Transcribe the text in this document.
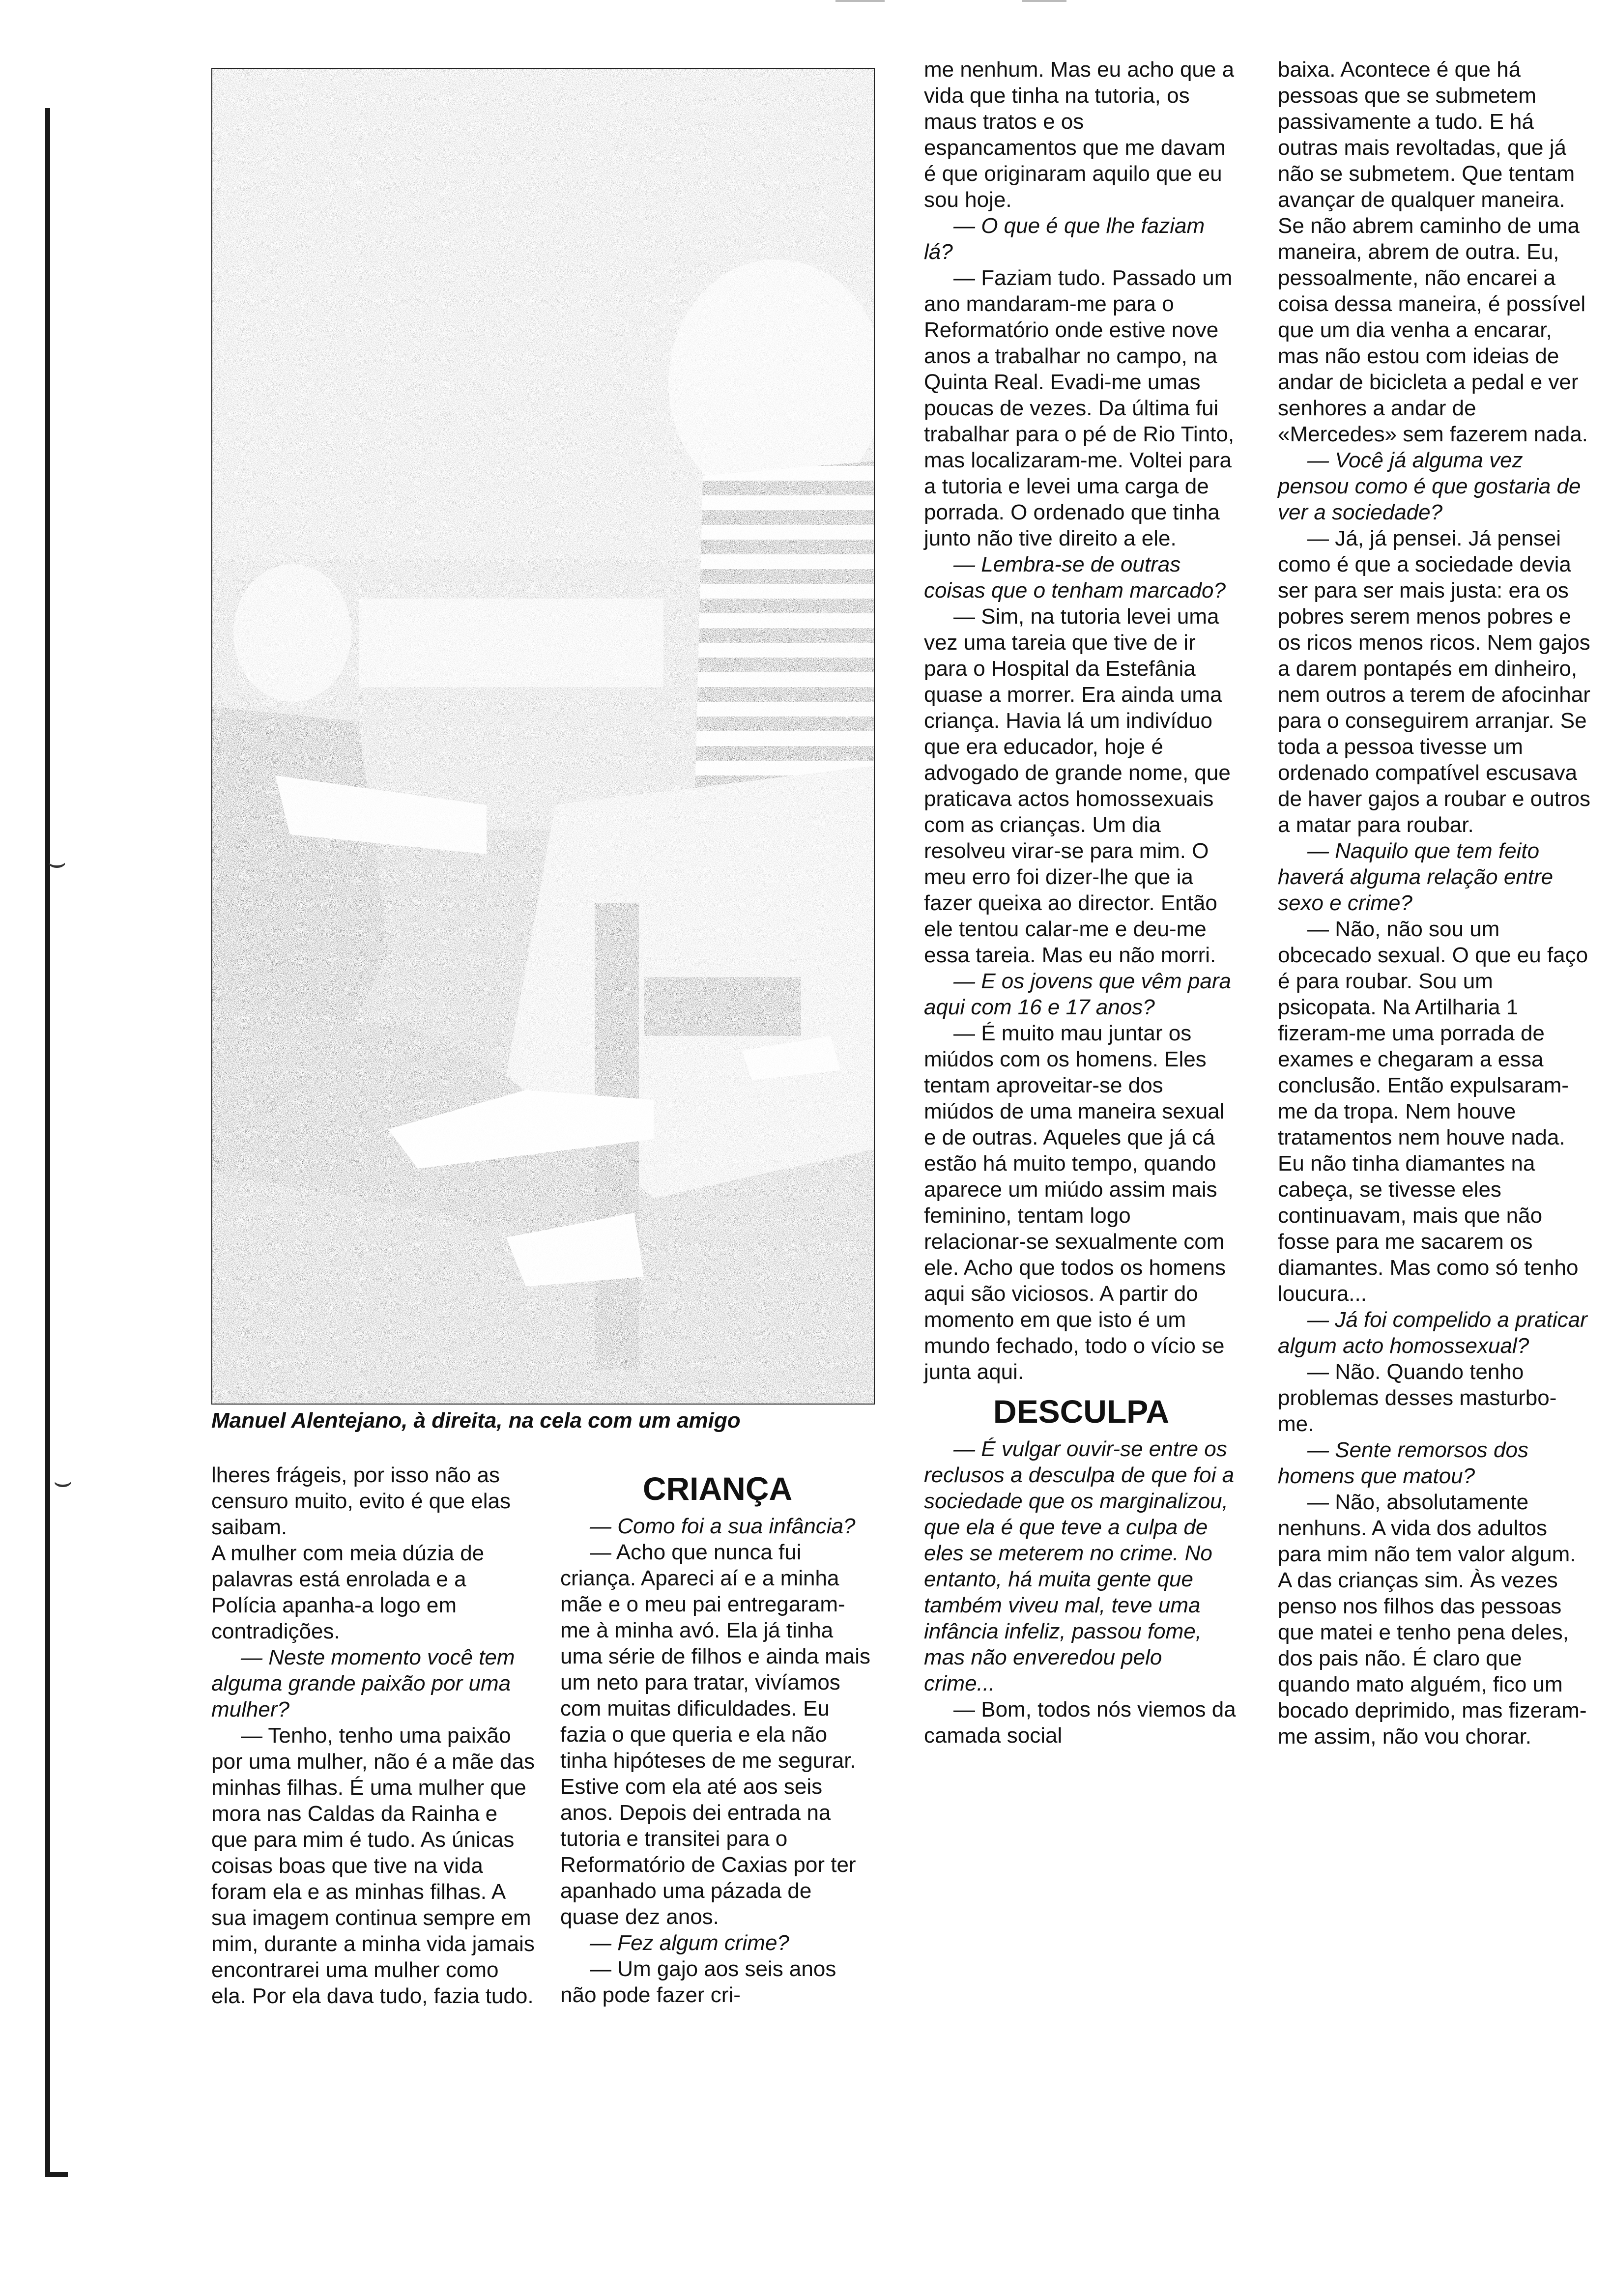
⌣
⌣
Manuel Alentejano, à direita, na cela com um amigo

lheres frágeis, por isso não as censuro muito, evito é que elas saibam.

A mulher com meia dúzia de palavras está enrolada e a Polícia apanha-a logo em contradições.

— Neste momento você tem alguma grande paixão por uma mulher?

— Tenho, tenho uma paixão por uma mulher, não é a mãe das minhas filhas. É uma mulher que mora nas Caldas da Rainha e que para mim é tudo. As únicas coisas boas que tive na vida foram ela e as minhas filhas. A sua imagem continua sempre em mim, durante a minha vida jamais encontrarei uma mulher como ela. Por ela dava tudo, fazia tudo.

CRIANÇA

— Como foi a sua infância?

— Acho que nunca fui criança. Apareci aí e a minha mãe e o meu pai entregaram-me à minha avó. Ela já tinha uma série de filhos e ainda mais um neto para tratar, vivíamos com muitas dificuldades. Eu fazia o que queria e ela não tinha hipóteses de me segurar. Estive com ela até aos seis anos. Depois dei entrada na tutoria e transitei para o Reformatório de Caxias por ter apanhado uma pázada de quase dez anos.

— Fez algum crime?

— Um gajo aos seis anos não pode fazer cri-

me nenhum. Mas eu acho que a vida que tinha na tutoria, os maus tratos e os espancamentos que me davam é que originaram aquilo que eu sou hoje.

— O que é que lhe faziam lá?

— Faziam tudo. Passado um ano mandaram-me para o Reformatório onde estive nove anos a trabalhar no campo, na Quinta Real. Evadi-me umas poucas de vezes. Da última fui trabalhar para o pé de Rio Tinto, mas localizaram-me. Voltei para a tutoria e levei uma carga de porrada. O ordenado que tinha junto não tive direito a ele.

— Lembra-se de outras coisas que o tenham marcado?

— Sim, na tutoria levei uma vez uma tareia que tive de ir para o Hospital da Estefânia quase a morrer. Era ainda uma criança. Havia lá um indivíduo que era educador, hoje é advogado de grande nome, que praticava actos homossexuais com as crianças. Um dia resolveu virar-se para mim. O meu erro foi dizer-lhe que ia fazer queixa ao director. Então ele tentou calar-me e deu-me essa tareia. Mas eu não morri.

— E os jovens que vêm para aqui com 16 e 17 anos?

— É muito mau juntar os miúdos com os homens. Eles tentam aproveitar-se dos miúdos de uma maneira sexual e de outras. Aqueles que já cá estão há muito tempo, quando aparece um miúdo assim mais feminino, tentam logo relacionar-se sexualmente com ele. Acho que todos os homens aqui são viciosos. A partir do momento em que isto é um mundo fechado, todo o vício se junta aqui.

DESCULPA

— É vulgar ouvir-se entre os reclusos a desculpa de que foi a sociedade que os marginalizou, que ela é que teve a culpa de eles se meterem no crime. No entanto, há muita gente que também viveu mal, teve uma infância infeliz, passou fome, mas não enveredou pelo crime...

— Bom, todos nós viemos da camada social

baixa. Acontece é que há pessoas que se submetem passivamente a tudo. E há outras mais revoltadas, que já não se submetem. Que tentam avançar de qualquer maneira. Se não abrem caminho de uma maneira, abrem de outra. Eu, pessoalmente, não encarei a coisa dessa maneira, é possível que um dia venha a encarar, mas não estou com ideias de andar de bicicleta a pedal e ver senhores a andar de «Mercedes» sem fazerem nada.

— Você já alguma vez pensou como é que gostaria de ver a sociedade?

— Já, já pensei. Já pensei como é que a sociedade devia ser para ser mais justa: era os pobres serem menos pobres e os ricos menos ricos. Nem gajos a darem pontapés em dinheiro, nem outros a terem de afocinhar para o conseguirem arranjar. Se toda a pessoa tivesse um ordenado compatível escusava de haver gajos a roubar e outros a matar para roubar.

— Naquilo que tem feito haverá alguma relação entre sexo e crime?

— Não, não sou um obcecado sexual. O que eu faço é para roubar. Sou um psicopata. Na Artilharia 1 fizeram-me uma porrada de exames e chegaram a essa conclusão. Então expulsaram-me da tropa. Nem houve tratamentos nem houve nada. Eu não tinha diamantes na cabeça, se tivesse eles continuavam, mais que não fosse para me sacarem os diamantes. Mas como só tenho loucura...

— Já foi compelido a praticar algum acto homossexual?

— Não. Quando tenho problemas desses masturbo-me.

— Sente remorsos dos homens que matou?

— Não, absolutamente nenhuns. A vida dos adultos para mim não tem valor algum. A das crianças sim. Às vezes penso nos filhos das pessoas que matei e tenho pena deles, dos pais não. É claro que quando mato alguém, fico um bocado deprimido, mas fizeram-me assim, não vou chorar.
